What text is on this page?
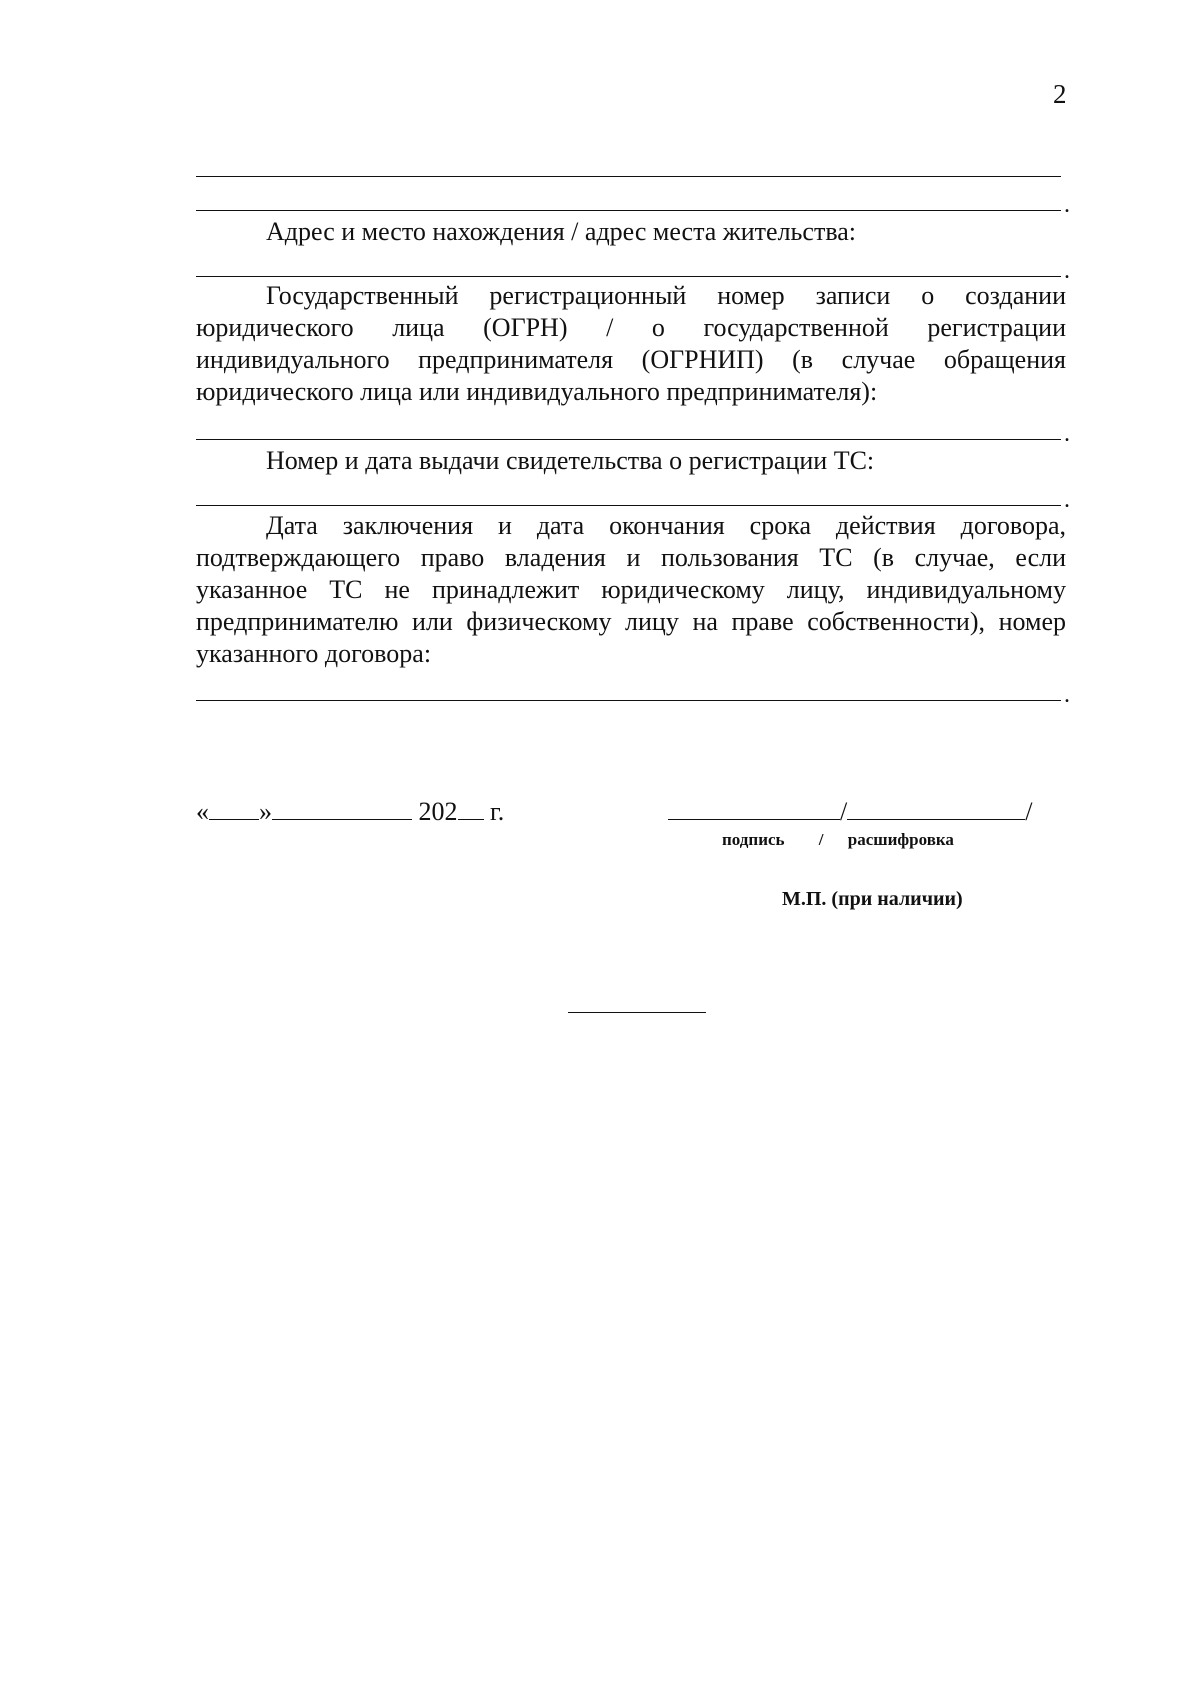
2
.
Адрес и место нахождения / адрес места жительства:
.
Государственный регистрационный номер записи о создании юридического лица (ОГРН) / о государственной регистрации индивидуального предпринимателя (ОГРНИП) (в случае обращения юридического лица или индивидуального предпринимателя):
.
Номер и дата выдачи свидетельства о регистрации ТС:
.
Дата заключения и дата окончания срока действия договора, подтверждающего право владения и пользования ТС (в случае, если указанное ТС не принадлежит юридическому лицу, индивидуальному предпринимателю или физическому лицу на праве собственности), номер указанного договора:
.
« »	202 г.	/	/
подпись / расшифровка
М.П. (при наличии)
